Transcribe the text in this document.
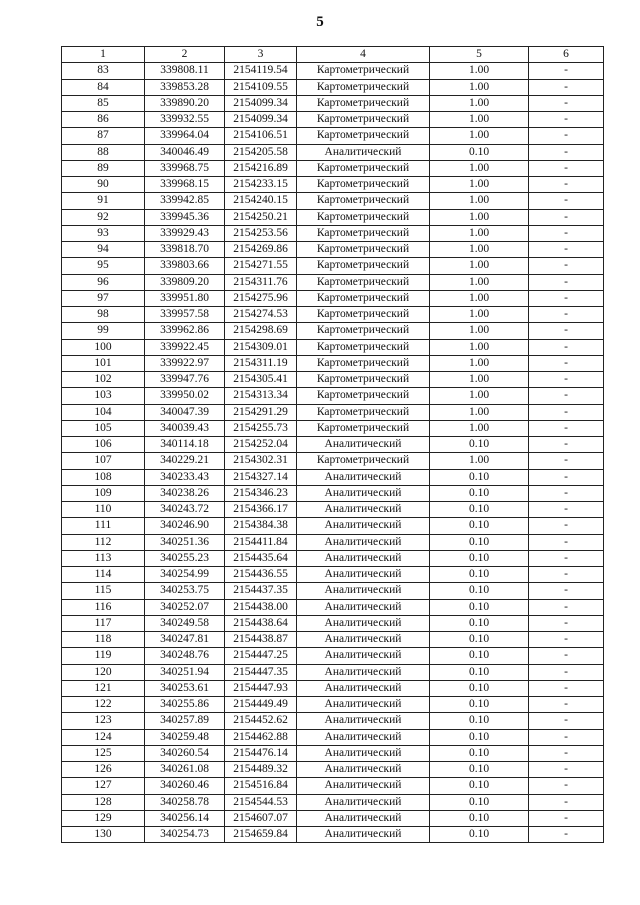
5
1	2	3	4	5	6
83	339808.11	2154119.54	Картометрический	1.00	-
84	339853.28	2154109.55	Картометрический	1.00	-
85	339890.20	2154099.34	Картометрический	1.00	-
86	339932.55	2154099.34	Картометрический	1.00	-
87	339964.04	2154106.51	Картометрический	1.00	-
88	340046.49	2154205.58	Аналитический	0.10	-
89	339968.75	2154216.89	Картометрический	1.00	-
90	339968.15	2154233.15	Картометрический	1.00	-
91	339942.85	2154240.15	Картометрический	1.00	-
92	339945.36	2154250.21	Картометрический	1.00	-
93	339929.43	2154253.56	Картометрический	1.00	-
94	339818.70	2154269.86	Картометрический	1.00	-
95	339803.66	2154271.55	Картометрический	1.00	-
96	339809.20	2154311.76	Картометрический	1.00	-
97	339951.80	2154275.96	Картометрический	1.00	-
98	339957.58	2154274.53	Картометрический	1.00	-
99	339962.86	2154298.69	Картометрический	1.00	-
100	339922.45	2154309.01	Картометрический	1.00	-
101	339922.97	2154311.19	Картометрический	1.00	-
102	339947.76	2154305.41	Картометрический	1.00	-
103	339950.02	2154313.34	Картометрический	1.00	-
104	340047.39	2154291.29	Картометрический	1.00	-
105	340039.43	2154255.73	Картометрический	1.00	-
106	340114.18	2154252.04	Аналитический	0.10	-
107	340229.21	2154302.31	Картометрический	1.00	-
108	340233.43	2154327.14	Аналитический	0.10	-
109	340238.26	2154346.23	Аналитический	0.10	-
110	340243.72	2154366.17	Аналитический	0.10	-
111	340246.90	2154384.38	Аналитический	0.10	-
112	340251.36	2154411.84	Аналитический	0.10	-
113	340255.23	2154435.64	Аналитический	0.10	-
114	340254.99	2154436.55	Аналитический	0.10	-
115	340253.75	2154437.35	Аналитический	0.10	-
116	340252.07	2154438.00	Аналитический	0.10	-
117	340249.58	2154438.64	Аналитический	0.10	-
118	340247.81	2154438.87	Аналитический	0.10	-
119	340248.76	2154447.25	Аналитический	0.10	-
120	340251.94	2154447.35	Аналитический	0.10	-
121	340253.61	2154447.93	Аналитический	0.10	-
122	340255.86	2154449.49	Аналитический	0.10	-
123	340257.89	2154452.62	Аналитический	0.10	-
124	340259.48	2154462.88	Аналитический	0.10	-
125	340260.54	2154476.14	Аналитический	0.10	-
126	340261.08	2154489.32	Аналитический	0.10	-
127	340260.46	2154516.84	Аналитический	0.10	-
128	340258.78	2154544.53	Аналитический	0.10	-
129	340256.14	2154607.07	Аналитический	0.10	-
130	340254.73	2154659.84	Аналитический	0.10	-
